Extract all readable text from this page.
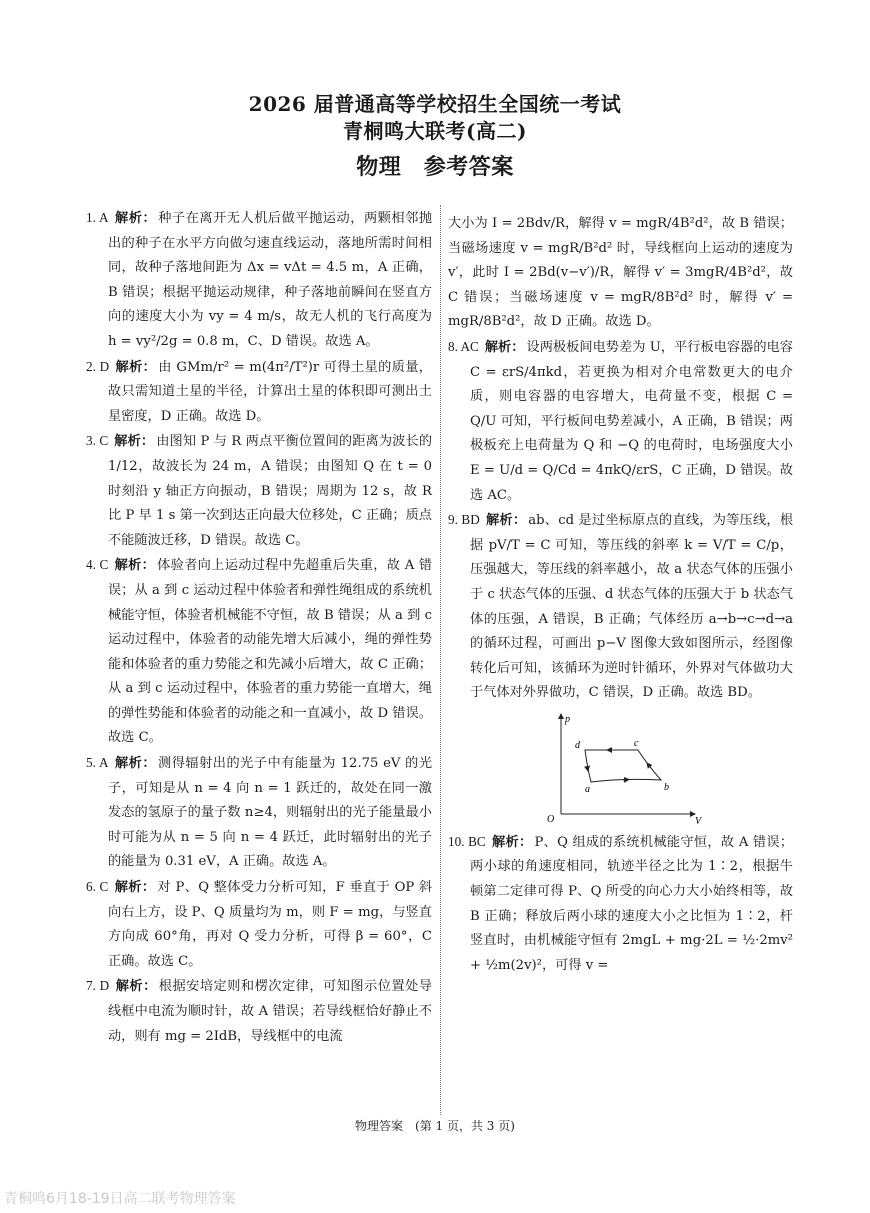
2026 届普通高等学校招生全国统一考试
青桐鸣大联考(高二)
物理　参考答案

1. A 解析： 种子在离开无人机后做平抛运动，两颗相邻抛出的种子在水平方向做匀速直线运动，落地所需时间相同，故种子落地间距为 Δx = vΔt = 4.5 m，A 正确，B 错误；根据平抛运动规律，种子落地前瞬间在竖直方向的速度大小为 vy = 4 m/s，故无人机的飞行高度为 h = vy²/2g = 0.8 m，C、D 错误。故选 A。

2. D 解析： 由 GMm/r² = m(4π²/T²)r 可得土星的质量，故只需知道土星的半径，计算出土星的体积即可测出土星密度，D 正确。故选 D。

3. C 解析： 由图知 P 与 R 两点平衡位置间的距离为波长的 1/12，故波长为 24 m，A 错误；由图知 Q 在 t = 0 时刻沿 y 轴正方向振动，B 错误；周期为 12 s，故 R 比 P 早 1 s 第一次到达正向最大位移处，C 正确；质点不能随波迁移，D 错误。故选 C。

4. C 解析： 体验者向上运动过程中先超重后失重，故 A 错误；从 a 到 c 运动过程中体验者和弹性绳组成的系统机械能守恒，体验者机械能不守恒，故 B 错误；从 a 到 c 运动过程中，体验者的动能先增大后减小，绳的弹性势能和体验者的重力势能之和先减小后增大，故 C 正确；从 a 到 c 运动过程中，体验者的重力势能一直增大，绳的弹性势能和体验者的动能之和一直减小，故 D 错误。故选 C。

5. A 解析： 测得辐射出的光子中有能量为 12.75 eV 的光子，可知是从 n = 4 向 n = 1 跃迁的，故处在同一激发态的氢原子的量子数 n≥4，则辐射出的光子能量最小时可能为从 n = 5 向 n = 4 跃迁，此时辐射出的光子的能量为 0.31 eV，A 正确。故选 A。

6. C 解析： 对 P、Q 整体受力分析可知，F 垂直于 OP 斜向右上方，设 P、Q 质量均为 m，则 F = mg，与竖直方向成 60°角，再对 Q 受力分析，可得 β = 60°，C 正确。故选 C。

7. D 解析： 根据安培定则和楞次定律，可知图示位置处导线框中电流为顺时针，故 A 错误；若导线框恰好静止不动，则有 mg = 2IdB，导线框中的电流

大小为 I = 2Bdv/R，解得 v = mgR/4B²d²，故 B 错误；当磁场速度 v = mgR/B²d² 时，导线框向上运动的速度为 v′，此时 I = 2Bd(v−v′)/R，解得 v′ = 3mgR/4B²d²，故 C 错误；当磁场速度 v = mgR/8B²d² 时，解得 v′ = mgR/8B²d²，故 D 正确。故选 D。

8. AC 解析： 设两极板间电势差为 U，平行板电容器的电容 C = εrS/4πkd，若更换为相对介电常数更大的电介质，则电容器的电容增大，电荷量不变，根据 C = Q/U 可知，平行板间电势差减小，A 正确，B 错误；两极板充上电荷量为 Q 和 −Q 的电荷时，电场强度大小 E = U/d = Q/Cd = 4πkQ/εrS，C 正确，D 错误。故选 AC。

9. BD 解析： ab、cd 是过坐标原点的直线，为等压线，根据 pV/T = C 可知，等压线的斜率 k = V/T = C/p，压强越大，等压线的斜率越小，故 a 状态气体的压强小于 c 状态气体的压强、d 状态气体的压强大于 b 状态气体的压强，A 错误，B 正确；气体经历 a→b→c→d→a 的循环过程，可画出 p−V 图像大致如图所示，经图像转化后可知，该循环为逆时针循环，外界对气体做功大于气体对外界做功，C 错误，D 正确。故选 BD。

p
V
O
a	b
c
d

10. BC 解析： P、Q 组成的系统机械能守恒，故 A 错误；两小球的角速度相同，轨迹半径之比为 1∶2，根据牛顿第二定律可得 P、Q 所受的向心力大小始终相等，故 B 正确；释放后两小球的速度大小之比恒为 1∶2，杆竖直时，由机械能守恒有 2mgL + mg·2L = ½·2mv² + ½m(2v)²，可得 v =

物理答案　(第 1 页，共 3 页)
青桐鸣6月18-19日高二联考物理答案
